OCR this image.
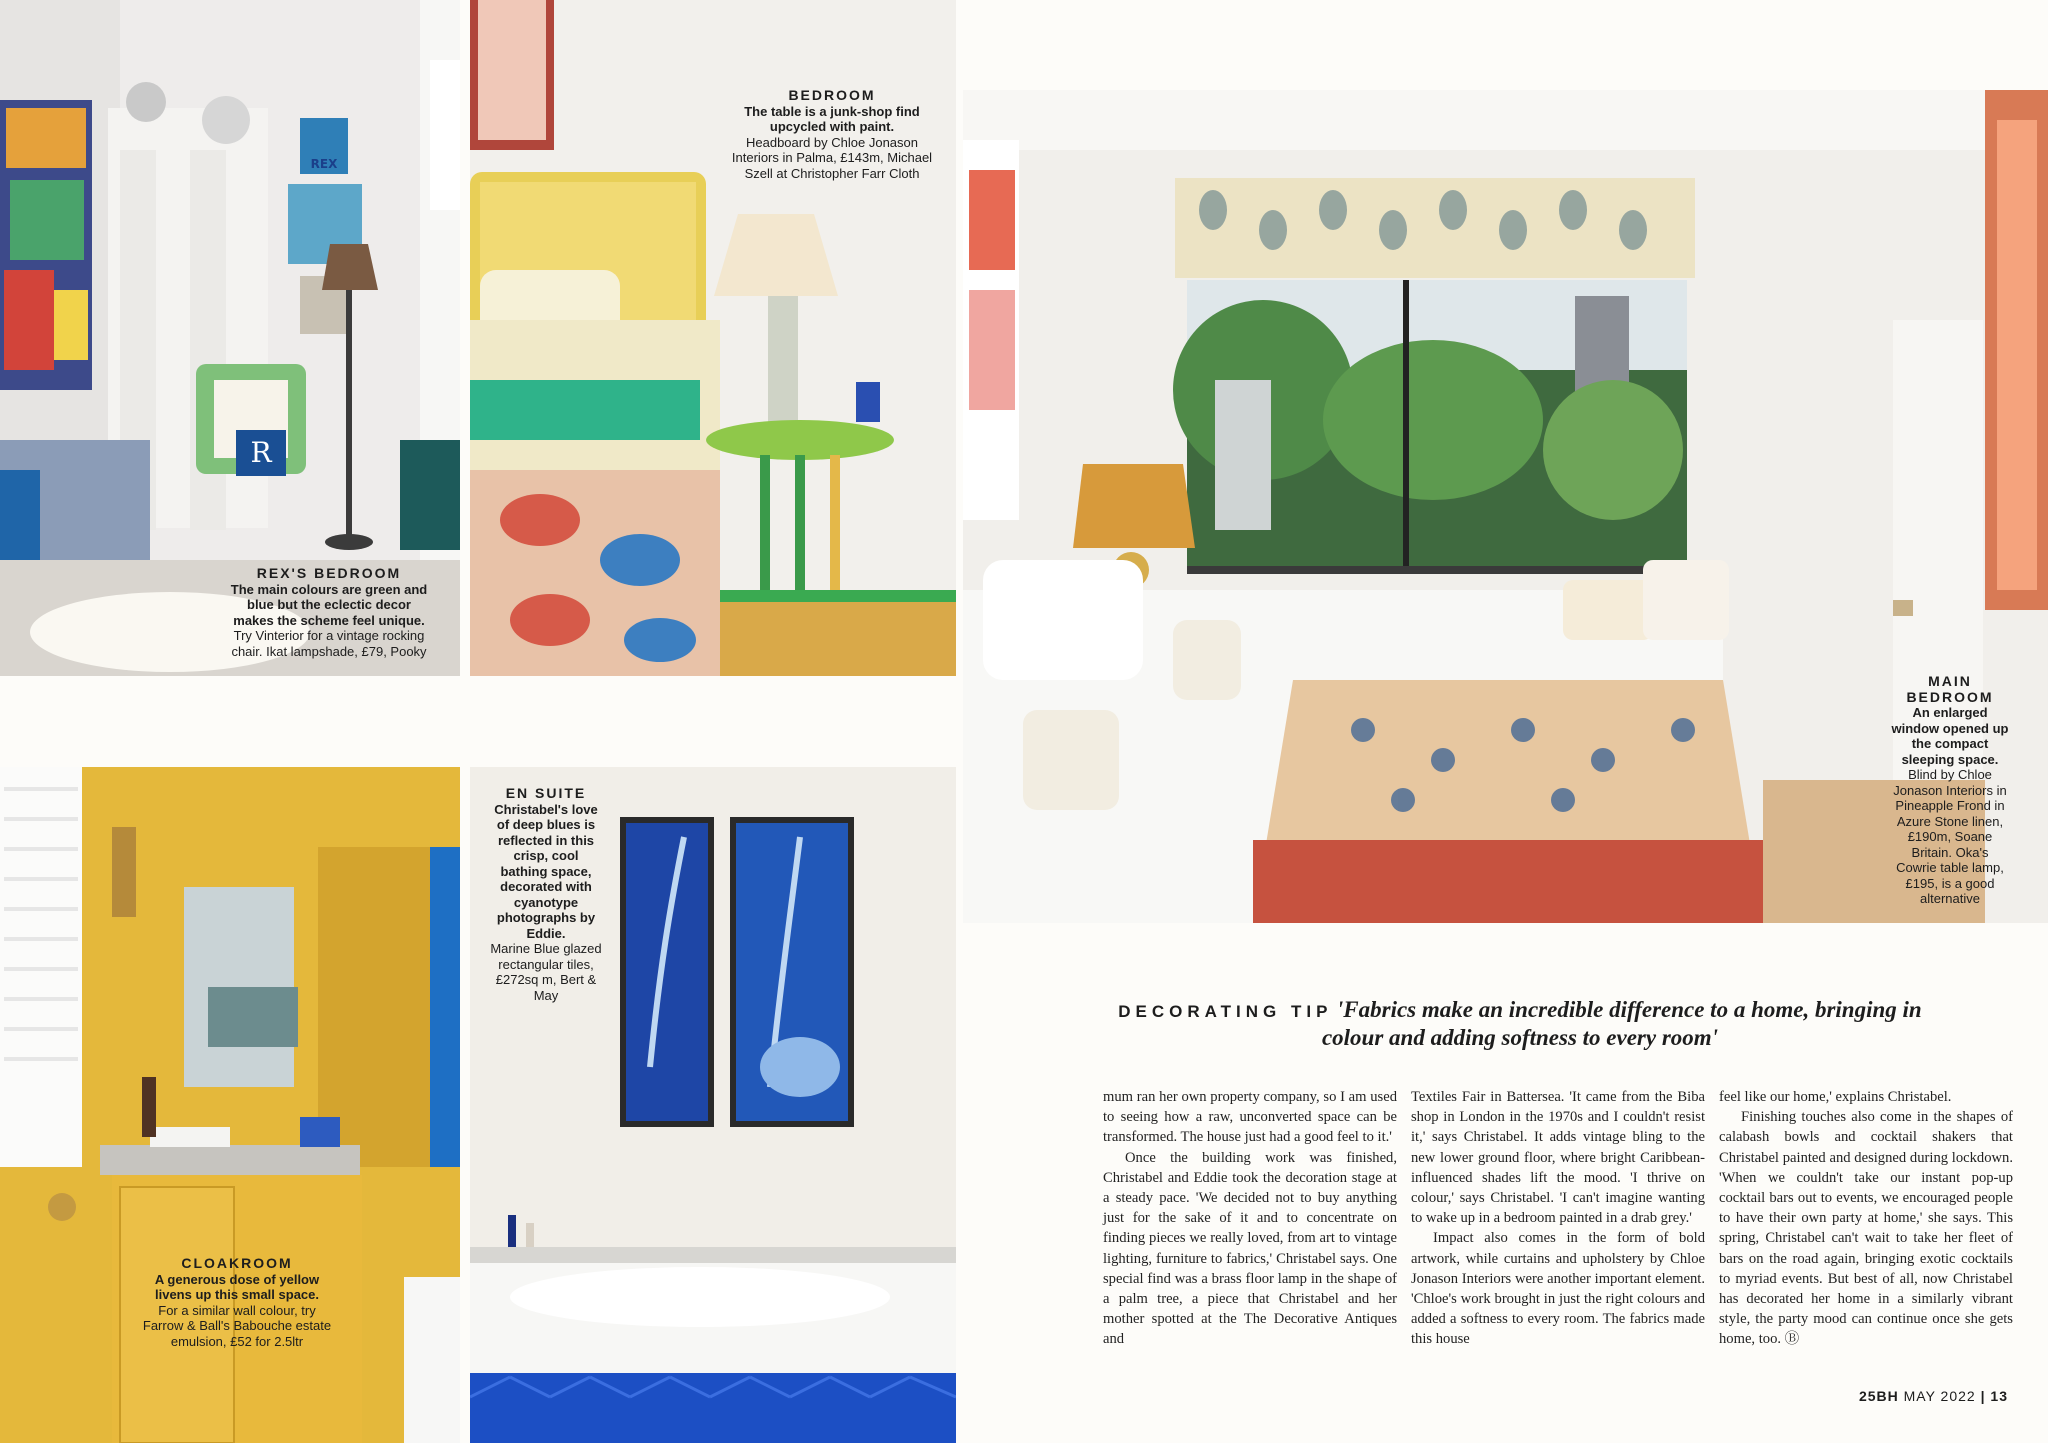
R
REX
REX'S BEDROOM
The main colours are green and blue but the eclectic decor makes the scheme feel unique.
Try Vinterior for a vintage rocking chair. Ikat lampshade, £79, Pooky
BEDROOM
The table is a junk-shop find upcycled with paint.
Headboard by Chloe Jonason Interiors in Palma, £143m, Michael Szell at Christopher Farr Cloth
MAIN BEDROOM
An enlarged window opened up the compact sleeping space.
Blind by Chloe Jonason Interiors in Pineapple Frond in Azure Stone linen, £190m, Soane Britain. Oka's Cowrie table lamp, £195, is a good alternative
CLOAKROOM
A generous dose of yellow livens up this small space.
For a similar wall colour, try Farrow & Ball's Babouche estate emulsion, £52 for 2.5ltr
EN SUITE
Christabel's love of deep blues is reflected in this crisp, cool bathing space, decorated with cyanotype photographs by Eddie.
Marine Blue glazed rectangular tiles, £272sq m, Bert & May
DECORATING TIP 'Fabrics make an incredible difference to a home, bringing in colour and adding softness to every room'

mum ran her own property company, so I am used to seeing how a raw, unconverted space can be transformed. The house just had a good feel to it.'

Once the building work was finished, Christabel and Eddie took the decoration stage at a steady pace. 'We decided not to buy anything just for the sake of it and to concentrate on finding pieces we really loved, from art to vintage lighting, furniture to fabrics,' Christabel says. One special find was a brass floor lamp in the shape of a palm tree, a piece that Christabel and her mother spotted at the The Decorative Antiques and

Textiles Fair in Battersea. 'It came from the Biba shop in London in the 1970s and I couldn't resist it,' says Christabel. It adds vintage bling to the new lower ground floor, where bright Caribbean-influenced shades lift the mood. 'I thrive on colour,' says Christabel. 'I can't imagine wanting to wake up in a bedroom painted in a drab grey.'

Impact also comes in the form of bold artwork, while curtains and upholstery by Chloe Jonason Interiors were another important element. 'Chloe's work brought in just the right colours and added a softness to every room. The fabrics made this house

feel like our home,' explains Christabel.

Finishing touches also come in the shapes of calabash bowls and cocktail shakers that Christabel painted and designed during lockdown. 'When we couldn't take our instant pop-up cocktail bars out to events, we encouraged people to have their own party at home,' she says. This spring, Christabel can't wait to take her fleet of bars on the road again, bringing exotic cocktails to myriad events. But best of all, now Christabel has decorated her home in a similarly vibrant style, the party mood can continue once she gets home, too. Ⓑ

25BH MAY 2022 | 13
